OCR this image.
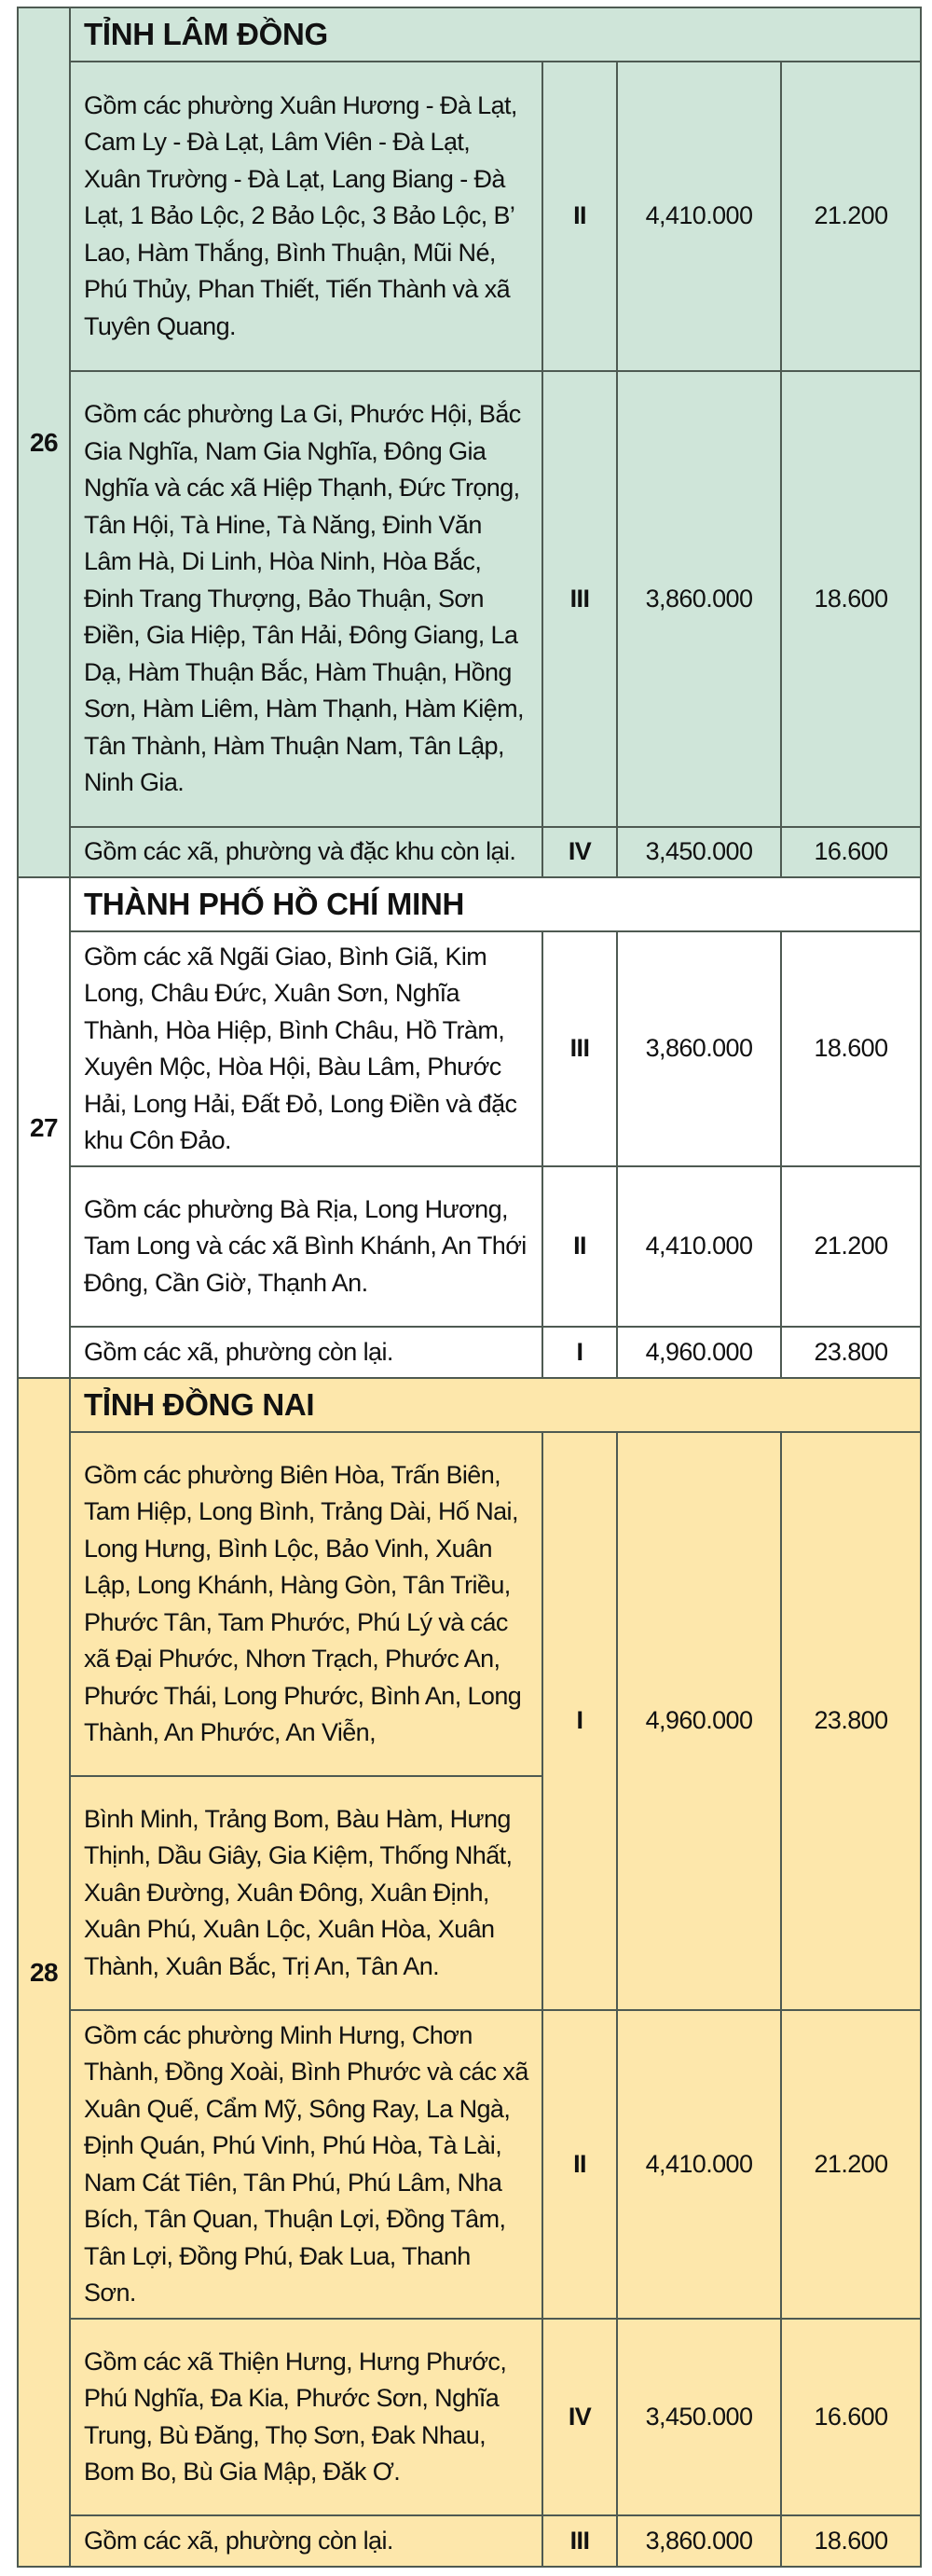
26	TỈNH LÂM ĐỒNG			
	Gồm các phường Xuân Hương - Đà Lạt, Cam Ly - Đà Lạt, Lâm Viên - Đà Lạt, Xuân Trường - Đà Lạt, Lang Biang - Đà Lạt, 1 Bảo Lộc, 2 Bảo Lộc, 3 Bảo Lộc, B’ Lao, Hàm Thắng, Bình Thuận, Mũi Né, Phú Thủy, Phan Thiết, Tiến Thành và xã Tuyên Quang.	II	4,410.000	21.200
	Gồm các phường La Gi, Phước Hội, Bắc Gia Nghĩa, Nam Gia Nghĩa, Đông Gia Nghĩa và các xã Hiệp Thạnh, Đức Trọng, Tân Hội, Tà Hine, Tà Năng, Đinh Văn Lâm Hà, Di Linh, Hòa Ninh, Hòa Bắc, Đinh Trang Thượng, Bảo Thuận, Sơn Điền, Gia Hiệp, Tân Hải, Đông Giang, La Dạ, Hàm Thuận Bắc, Hàm Thuận, Hồng Sơn, Hàm Liêm, Hàm Thạnh, Hàm Kiệm, Tân Thành, Hàm Thuận Nam, Tân Lập, Ninh Gia.	III	3,860.000	18.600
	Gồm các xã, phường và đặc khu còn lại.	IV	3,450.000	16.600
27	THÀNH PHỐ HỒ CHÍ MINH			
	Gồm các xã Ngãi Giao, Bình Giã, Kim Long, Châu Đức, Xuân Sơn, Nghĩa Thành, Hòa Hiệp, Bình Châu, Hồ Tràm, Xuyên Mộc, Hòa Hội, Bàu Lâm, Phước Hải, Long Hải, Đất Đỏ, Long Điền và đặc khu Côn Đảo.	III	3,860.000	18.600
	Gồm các phường Bà Rịa, Long Hương, Tam Long và các xã Bình Khánh, An Thới Đông, Cần Giờ, Thạnh An.	II	4,410.000	21.200
	Gồm các xã, phường còn lại.	I	4,960.000	23.800
28	TỈNH ĐỒNG NAI			
	Gồm các phường Biên Hòa, Trấn Biên, Tam Hiệp, Long Bình, Trảng Dài, Hố Nai, Long Hưng, Bình Lộc, Bảo Vinh, Xuân Lập, Long Khánh, Hàng Gòn, Tân Triều, Phước Tân, Tam Phước, Phú Lý và các xã Đại Phước, Nhơn Trạch, Phước An, Phước Thái, Long Phước, Bình An, Long Thành, An Phước, An Viễn,	I	4,960.000	23.800
	Bình Minh, Trảng Bom, Bàu Hàm, Hưng Thịnh, Dầu Giây, Gia Kiệm, Thống Nhất, Xuân Đường, Xuân Đông, Xuân Định, Xuân Phú, Xuân Lộc, Xuân Hòa, Xuân Thành, Xuân Bắc, Trị An, Tân An.			
	Gồm các phường Minh Hưng, Chơn Thành, Đồng Xoài, Bình Phước và các xã Xuân Quế, Cẩm Mỹ, Sông Ray, La Ngà, Định Quán, Phú Vinh, Phú Hòa, Tà Lài, Nam Cát Tiên, Tân Phú, Phú Lâm, Nha Bích, Tân Quan, Thuận Lợi, Đồng Tâm, Tân Lợi, Đồng Phú, Đak Lua, Thanh Sơn.	II	4,410.000	21.200
	Gồm các xã Thiện Hưng, Hưng Phước, Phú Nghĩa, Đa Kia, Phước Sơn, Nghĩa Trung, Bù Đăng, Thọ Sơn, Đak Nhau, Bom Bo, Bù Gia Mập, Đăk Ơ.	IV	3,450.000	16.600
	Gồm các xã, phường còn lại.	III	3,860.000	18.600
